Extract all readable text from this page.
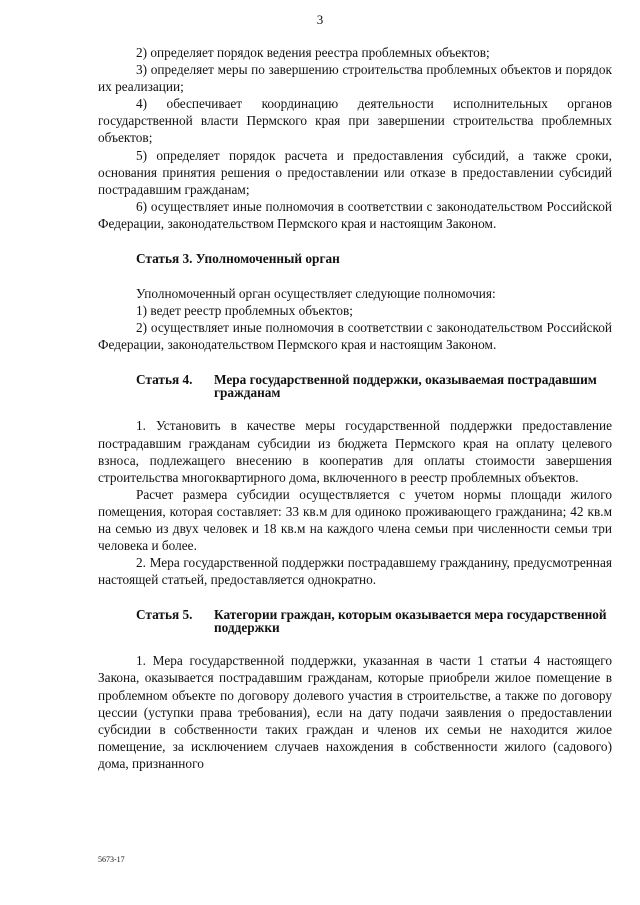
3

2) определяет порядок ведения реестра проблемных объектов;

3) определяет меры по завершению строительства проблемных объектов и порядок их реализации;

4) обеспечивает координацию деятельности исполнительных органов государственной власти Пермского края при завершении строительства проблемных объектов;

5) определяет порядок расчета и предоставления субсидий, а также сроки, основания принятия решения о предоставлении или отказе в предоставлении субсидий пострадавшим гражданам;

6) осуществляет иные полномочия в соответствии с законодательством Российской Федерации, законодательством Пермского края и настоящим Законом.

Статья 3. Уполномоченный орган

Уполномоченный орган осуществляет следующие полномочия:

1) ведет реестр проблемных объектов;

2) осуществляет иные полномочия в соответствии с законодательством Российской Федерации, законодательством Пермского края и настоящим Законом.

Статья 4.	Мера государственной поддержки, оказываемая пострадавшим гражданам

1. Установить в качестве меры государственной поддержки предоставление пострадавшим гражданам субсидии из бюджета Пермского края на оплату целевого взноса, подлежащего внесению в кооператив для оплаты стоимости завершения строительства многоквартирного дома, включенного в реестр проблемных объектов.

Расчет размера субсидии осуществляется с учетом нормы площади жилого помещения, которая составляет: 33 кв.м для одиноко проживающего гражданина; 42 кв.м на семью из двух человек и 18 кв.м на каждого члена семьи при численности семьи три человека и более.

2. Мера государственной поддержки пострадавшему гражданину, предусмотренная настоящей статьей, предоставляется однократно.

Статья 5.	Категории граждан, которым оказывается мера государственной поддержки

1. Мера государственной поддержки, указанная в части 1 статьи 4 настоящего Закона, оказывается пострадавшим гражданам, которые приобрели жилое помещение в проблемном объекте по договору долевого участия в строительстве, а также по договору цессии (уступки права требования), если на дату подачи заявления о предоставлении субсидии в собственности таких граждан и членов их семьи не находится жилое помещение, за исключением случаев нахождения в собственности жилого (садового) дома, признанного

5673-17
